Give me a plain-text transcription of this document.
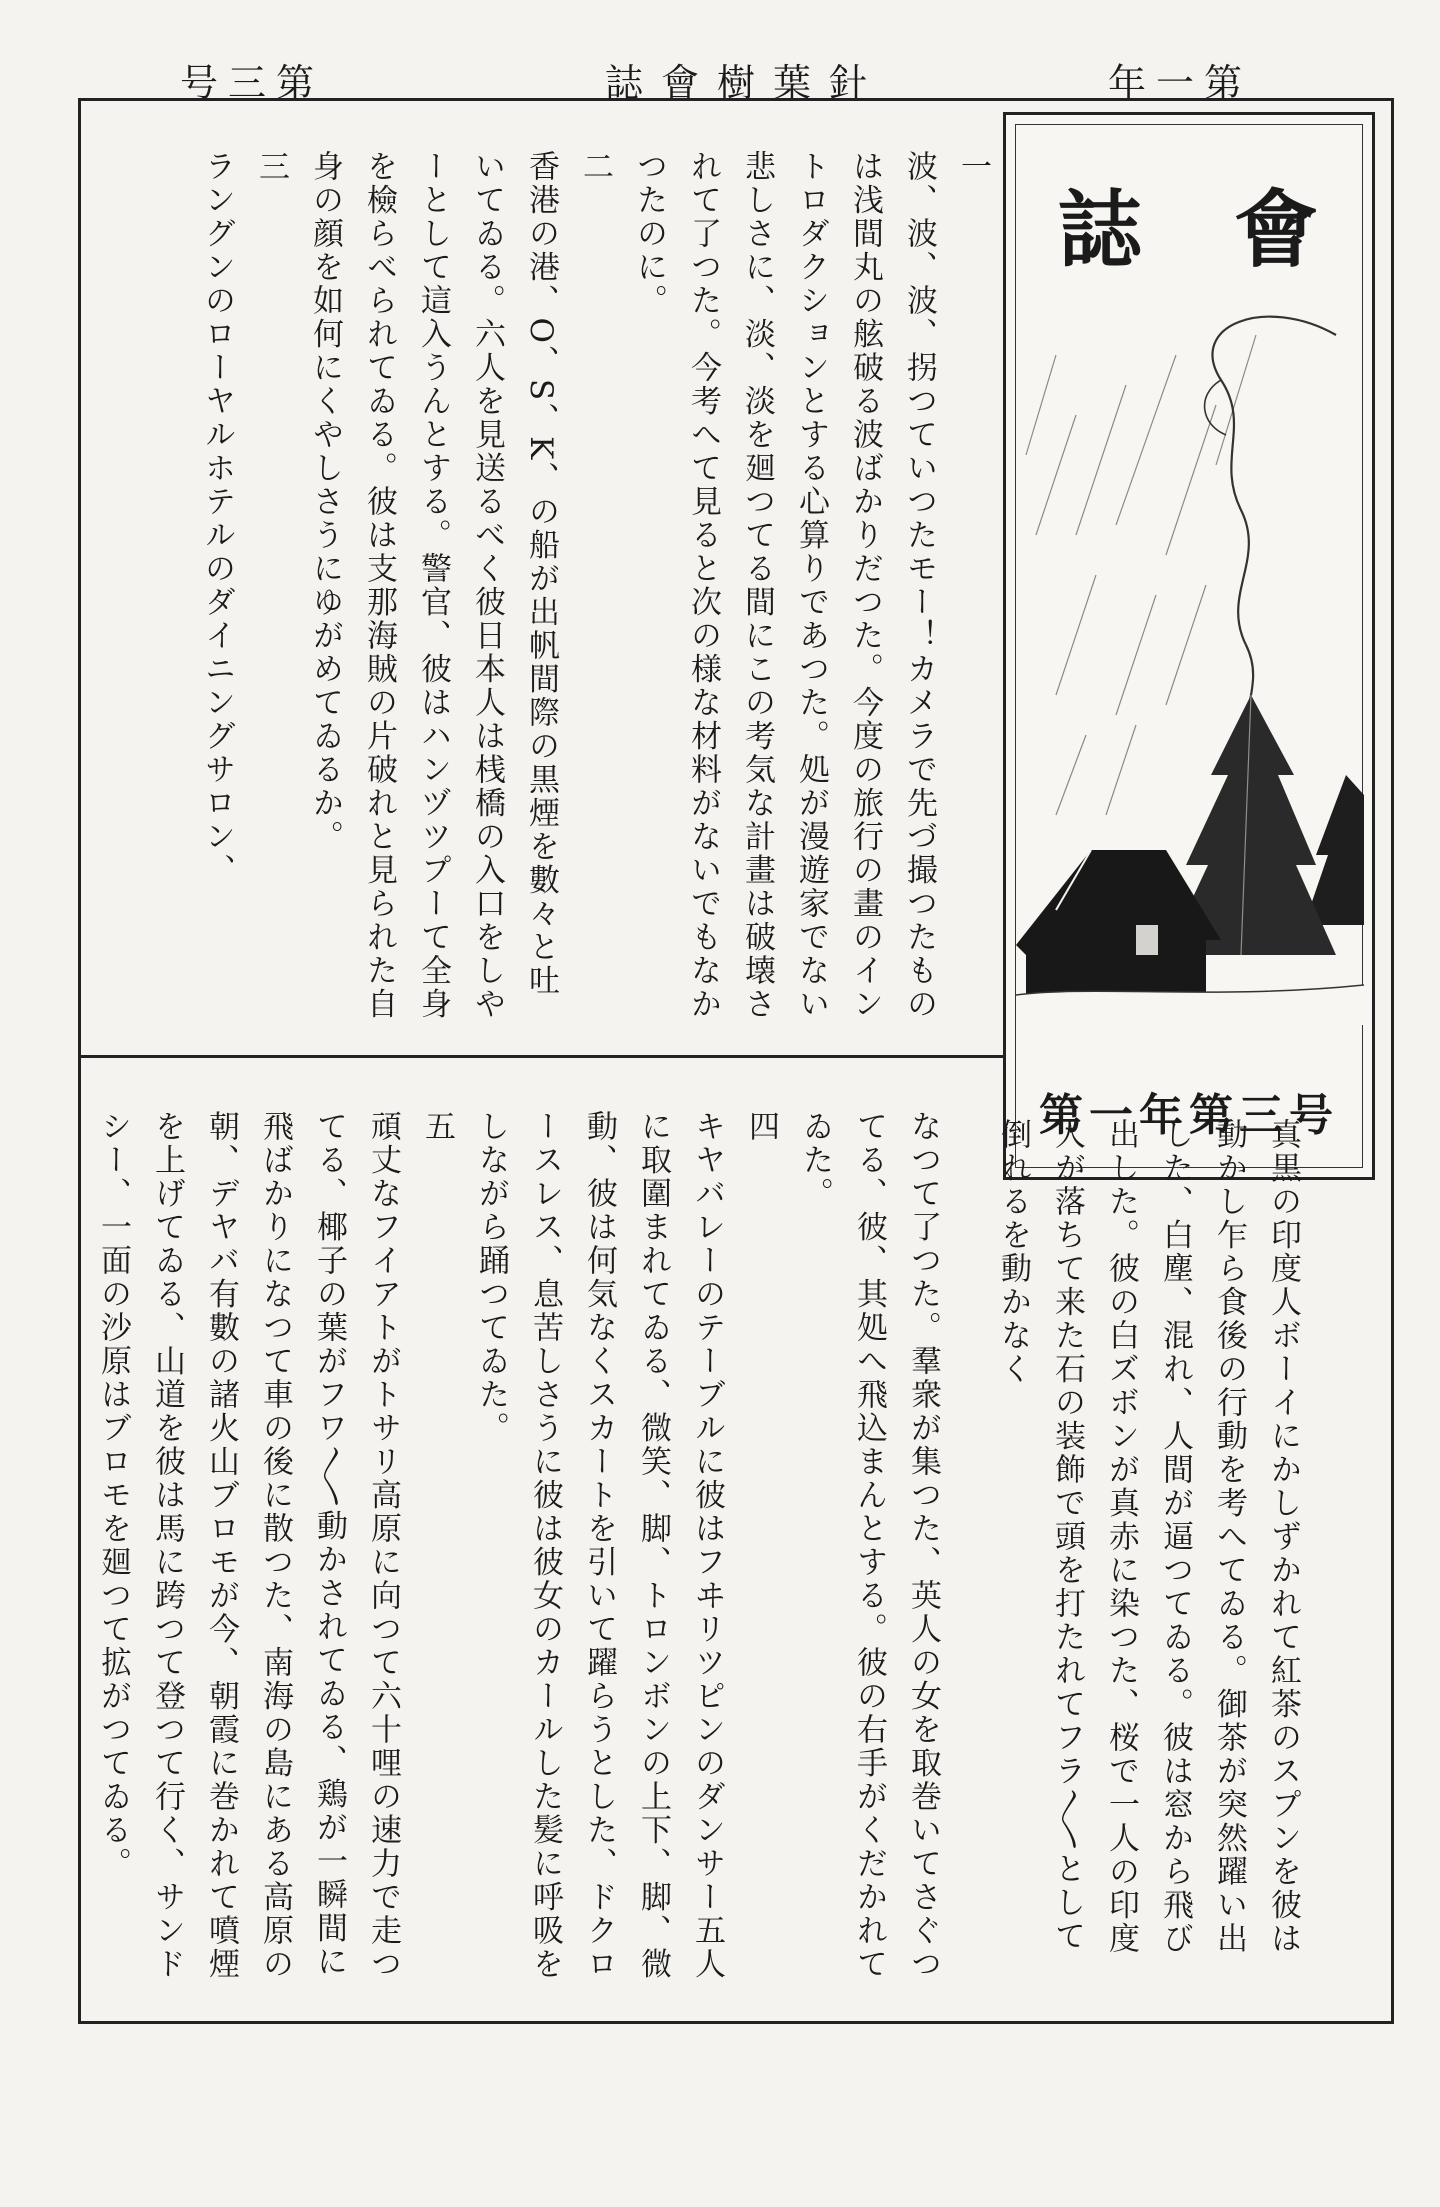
号三第	誌會樹葉針	年一第
會
誌
号三第年一第
一
波、波、波、拐つていつたモー！カメラで先づ撮つたものは浅間丸の舷破る波ばかりだつた。今度の旅行の畫のイントロダクションとする心算りであつた。処が漫遊家でない悲しさに、淡、淡を廻つてる間にこの考気な計畫は破壊されて了つた。今考へて見ると次の様な材料がないでもなかつたのに。
二
香港の港、O、S、K、の船が出帆間際の黒煙を數々と吐いてゐる。六人を見送るべく彼日本人は桟橋の入口をしやーとして這入うんとする。警官、彼はハンヅツプーて全身を檢らべられてゐる。彼は支那海賊の片破れと見られた自身の顔を如何にくやしさうにゆがめてゐるか。
三
ラングンのローヤルホテルのダイニングサロン、
真黒の印度人ボーイにかしずかれて紅茶のスプンを彼は動かし乍ら食後の行動を考へてゐる。御茶が突然躍い出した、白塵、混れ、人間が逼つてゐる。彼は窓から飛び出した。彼の白ズボンが真赤に染つた、桜で一人の印度人が落ちて来た石の装飾で頭を打たれてフラ〳〵として倒れるを動かなく
なつて了つた。羣衆が集つた、英人の女を取巻いてさぐつてる、彼、其処へ飛込まんとする。彼の右手がくだかれてゐた。
四
キヤバレーのテーブルに彼はフヰリツピンのダンサー五人に取圍まれてゐる、微笑、脚、トロンボンの上下、脚、微動、彼は何気なくスカートを引いて躍らうとした、ドクロースレス、息苦しさうに彼は彼女のカールした髪に呼吸をしながら踊つてゐた。
五
頑丈なフイアトがトサリ高原に向つて六十哩の速力で走つてる、椰子の葉がフワ〳〵動かされてゐる、鶏が一瞬間に飛ばかりになつて車の後に散つた、南海の島にある高原の朝、デヤバ有數の諸火山ブロモが今、朝霞に巻かれて噴煙を上げてゐる、山道を彼は馬に跨つて登つて行く、サンドシー、一面の沙原はブロモを廻つて拡がつてゐる。
